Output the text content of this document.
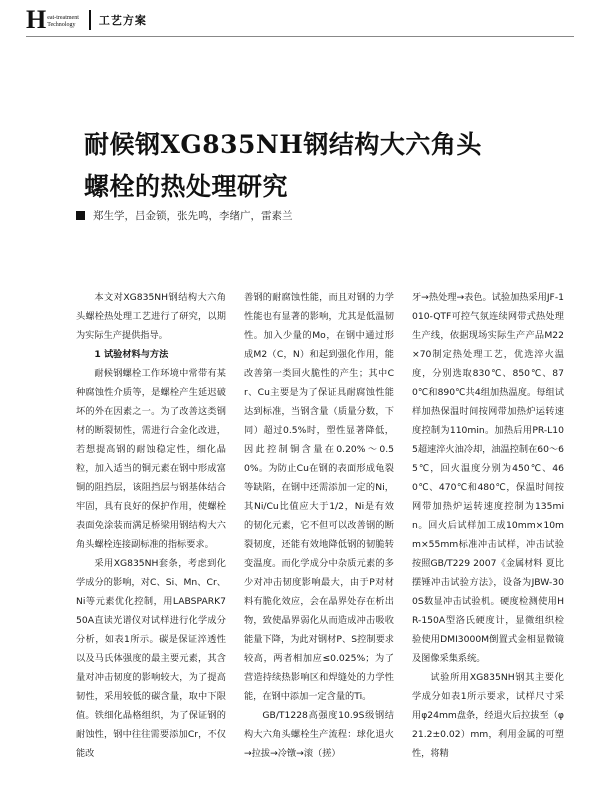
H eat-treatment
Technology	工艺方案
耐候钢XG835NH钢结构大六角头
螺栓的热处理研究
郑生学，吕金锁，张先鸣，李绪广，雷素兰

本文对XG835NH钢结构大六角头螺栓热处理工艺进行了研究，以期为实际生产提供指导。

1 试验材料与方法

耐候钢螺栓工作环境中常带有某种腐蚀性介质等，是螺栓产生延迟破坏的外在因素之一。为了改善这类钢材的断裂韧性，需进行合金化改进，若想提高钢的耐蚀稳定性，细化晶粒，加入适当的铜元素在钢中形成富铜的阻挡层，该阻挡层与钢基体结合牢固，具有良好的保护作用，使螺栓表面免涂装而满足桥梁用钢结构大六角头螺栓连接副标准的指标要求。

采用XG835NH套条，考虑到化学成分的影响，对C、Si、Mn、Cr、Ni等元素优化控制，用LABSPARK750A直读光谱仪对试样进行化学成分分析，如表1所示。碳是保证淬透性以及马氏体强度的最主要元素，其含量对冲击韧度的影响较大，为了提高韧性，采用较低的碳含量，取中下限值。铁细化晶格组织，为了保证钢的耐蚀性，钢中往往需要添加Cr，不仅能改

善钢的耐腐蚀性能，而且对钢的力学性能也有显著的影响，尤其是低温韧性。加入少量的Mo，在钢中通过形成M2（C，N）和起到强化作用，能改善第一类回火脆性的产生；其中Cr、Cu主要是为了保证具耐腐蚀性能达到标准，当钢含量（质量分数，下同）超过0.5%时，塑性显著降低，因此控制铜含量在0.20%～0.50%。为防止Cu在钢的表面形成龟裂等缺陷，在钢中还需添加一定的Ni，其Ni/Cu比值应大于1/2，Ni是有效的韧化元素，它不但可以改善钢的断裂韧度，还能有效地降低钢的韧脆转变温度。而化学成分中杂质元素的多少对冲击韧度影响最大，由于P对材料有脆化效应，会在晶界处存在析出物，致使晶界弱化从而造成冲击吸收能量下降，为此对钢材P、S控制要求较高，两者相加应≤0.025%；为了营造持续热影响区和焊缝处的力学性能，在钢中添加一定含量的Ti。

GB/T1228高强度10.9S级钢结构大六角头螺栓生产流程：球化退火→拉拔→冷镦→滚（搓）

牙→热处理→表色。试验加热采用JF-1010-QTF可控气氛连续网带式热处理生产线，依据现场实际生产产品M22×70制定热处理工艺，优选淬火温度，分别选取830℃、850℃、870℃和890℃共4组加热温度。每组试样加热保温时间按网带加热炉运转速度控制为110min。加热后用PR-L105超速淬火油冷却，油温控制在60～65℃，回火温度分别为450℃、460℃、470℃和480℃，保温时间按网带加热炉运转速度控制为135min。回火后试样加工成10mm×10mm×55mm标准冲击试样，冲击试验按照GB/T229 2007《金属材料 夏比摆锤冲击试验方法》，设备为JBW-300S数显冲击试验机。硬度检测使用HR-150A型洛氏硬度计，显微组织检验使用DMI3000M倒置式金相显微镜及图像采集系统。

试验所用XG835NH钢其主要化学成分如表1所示要求，试样尺寸采用φ24mm盘条，经退火后拉拔至（φ21.2±0.02）mm，利用金属的可塑性，将精
